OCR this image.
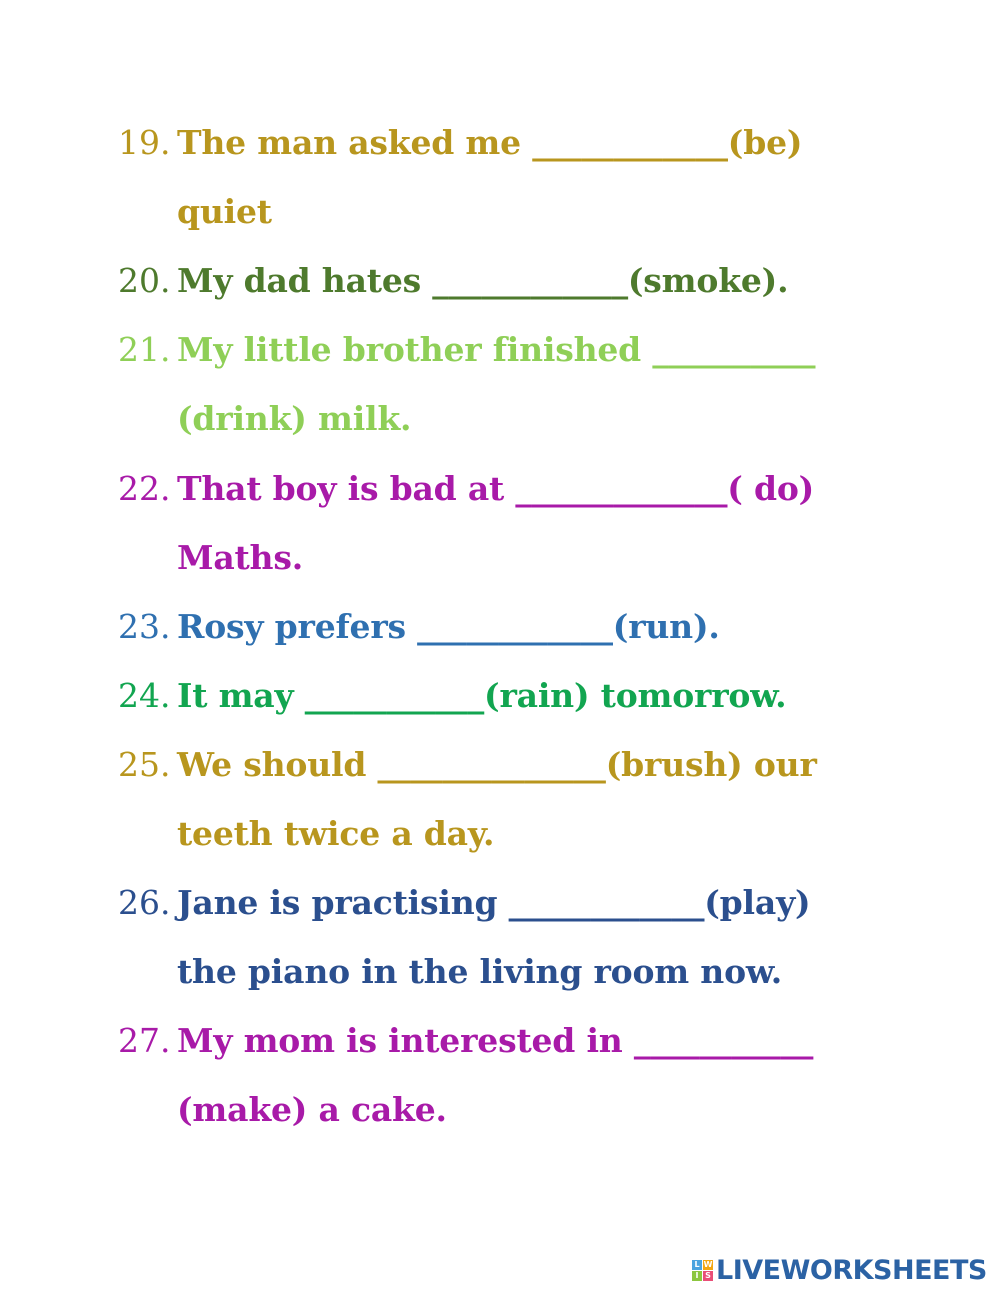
19. The man asked me ____________(be)
quiet
20. My dad hates ____________(smoke).
21. My little brother finished __________
(drink) milk.
22. That boy is bad at _____________( do)
Maths.
23. Rosy prefers ____________(run).
24. It may ___________(rain) tomorrow.
25. We should ______________(brush) our
teeth twice a day.
26. Jane is practising ____________(play)
the piano in the living room now.
27. My mom is interested in ___________
(make) a cake.
L W
I S LIVEWORKSHEETS
